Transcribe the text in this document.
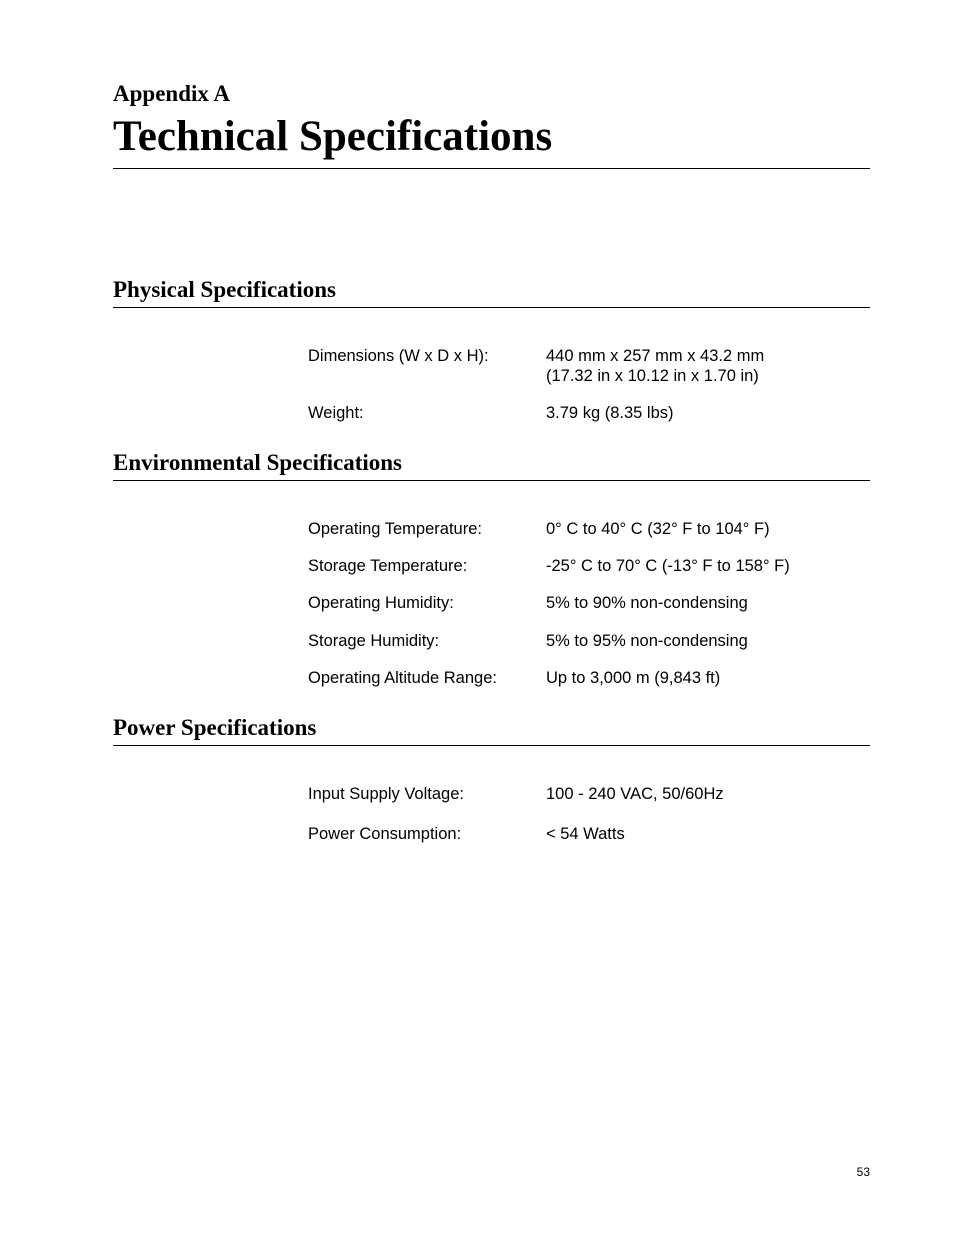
Appendix A
Technical Specifications
Physical Specifications
Dimensions (W x D x H):	440 mm x 257 mm x 43.2 mm
(17.32 in x 10.12 in x 1.70 in)
Weight:	3.79 kg (8.35 lbs)
Environmental Specifications
Operating Temperature:	0° C to 40° C (32° F to 104° F)
Storage Temperature:	-25° C to 70° C (-13° F to 158° F)
Operating Humidity:	5% to 90% non-condensing
Storage Humidity:	5% to 95% non-condensing
Operating Altitude Range:	Up to 3,000 m (9,843 ft)
Power Specifications
Input Supply Voltage:	100 - 240 VAC, 50/60Hz
Power Consumption:	< 54 Watts
53
